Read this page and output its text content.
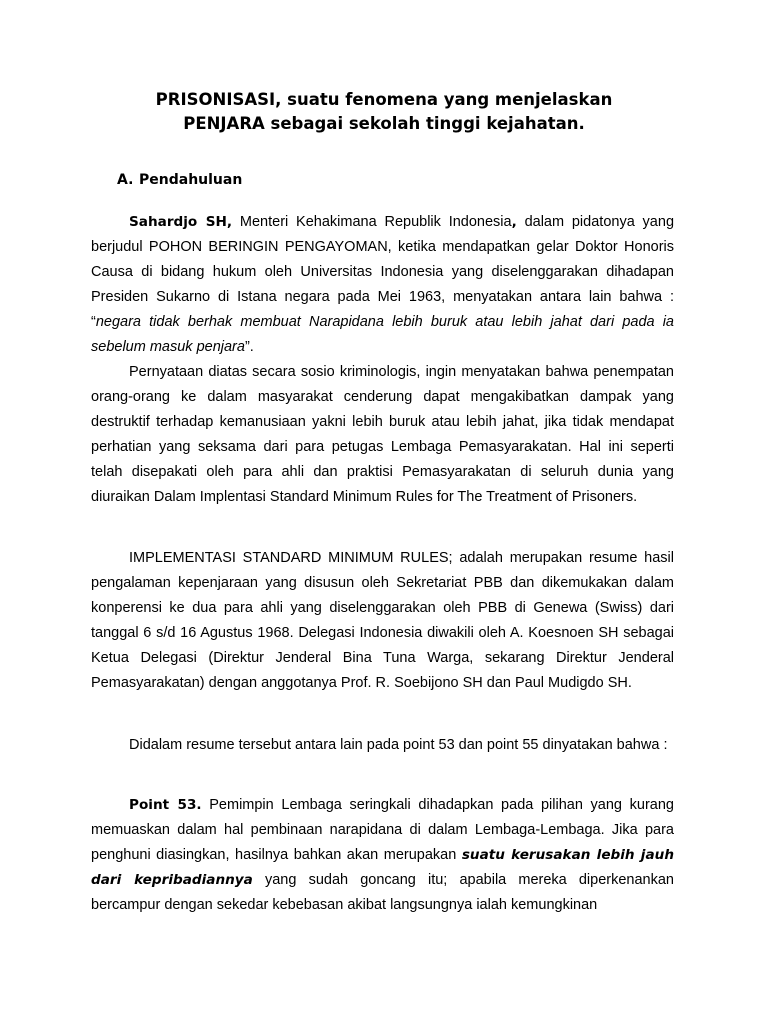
PRISONISASI, suatu fenomena yang menjelaskan
PENJARA sebagai sekolah tinggi kejahatan.
A. Pendahuluan

Sahardjo SH, Menteri Kehakimana Republik Indonesia, dalam pidatonya yang berjudul POHON BERINGIN PENGAYOMAN, ketika mendapatkan gelar Doktor Honoris Causa di bidang hukum oleh Universitas Indonesia yang diselenggarakan dihadapan Presiden Sukarno di Istana negara pada Mei 1963, menyatakan antara lain bahwa : “negara tidak berhak membuat Narapidana lebih buruk atau lebih jahat dari pada ia sebelum masuk penjara”.

Pernyataan diatas secara sosio kriminologis, ingin menyatakan bahwa penempatan orang-orang ke dalam masyarakat cenderung dapat mengakibatkan dampak yang destruktif terhadap kemanusiaan yakni lebih buruk atau lebih jahat, jika tidak mendapat perhatian yang seksama dari para petugas Lembaga Pemasyarakatan. Hal ini seperti telah disepakati oleh para ahli dan praktisi Pemasyarakatan di seluruh dunia yang diuraikan Dalam Implentasi Standard Minimum Rules for The Treatment of Prisoners.

IMPLEMENTASI STANDARD MINIMUM RULES; adalah merupakan resume hasil pengalaman kepenjaraan yang disusun oleh Sekretariat PBB dan dikemukakan dalam konperensi ke dua para ahli yang diselenggarakan oleh PBB di Genewa (Swiss) dari tanggal 6 s/d 16 Agustus 1968. Delegasi Indonesia diwakili oleh A. Koesnoen SH sebagai Ketua Delegasi (Direktur Jenderal Bina Tuna Warga, sekarang Direktur Jenderal Pemasyarakatan) dengan anggotanya Prof. R. Soebijono SH dan Paul Mudigdo SH.

Didalam resume tersebut antara lain pada point 53 dan point 55 dinyatakan bahwa :

Point 53. Pemimpin Lembaga seringkali dihadapkan pada pilihan yang kurang memuaskan dalam hal pembinaan narapidana di dalam Lembaga-Lembaga. Jika para penghuni diasingkan, hasilnya bahkan akan merupakan suatu kerusakan lebih jauh dari kepribadiannya yang sudah goncang itu; apabila mereka diperkenankan bercampur dengan sekedar kebebasan akibat langsungnya ialah kemungkinan
